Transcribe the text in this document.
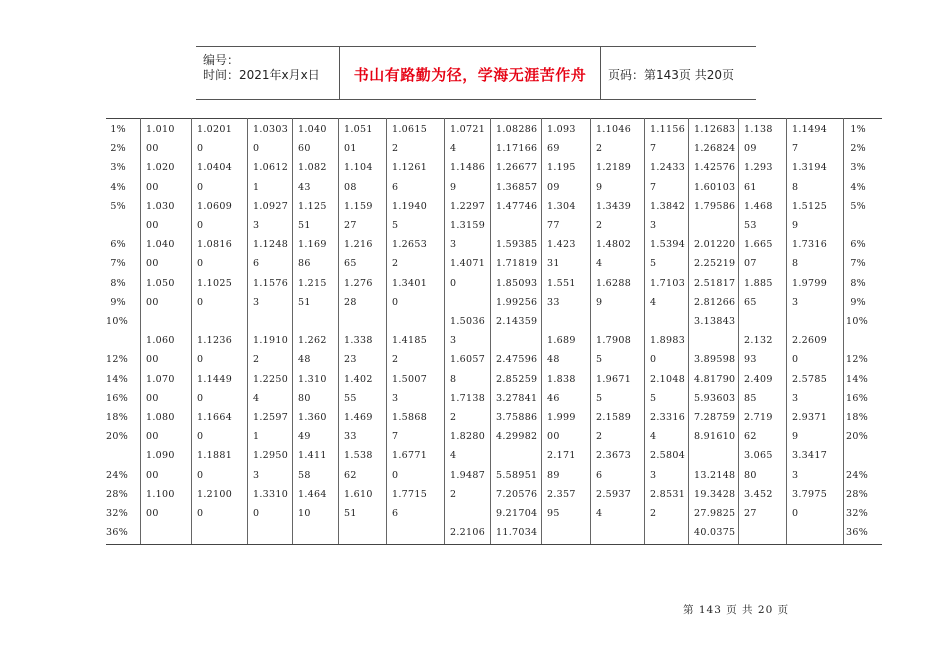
编号：
时间：2021年x月x日	书山有路勤为径，学海无涯苦作舟	页码：第143页 共20页
1%
2%
3%
4%
5%
6%
7%
8%
9%
10%
12%
14%
16%
18%
20%
24%
28%
32%
36%
1%
2%
3%
4%
5%
6%
7%
8%
9%
10%
12%
14%
16%
18%
20%
24%
28%
32%
36%
1.010
00
1.020
00
1.030
00
1.040
00
1.050
00
1.060
00
1.070
00
1.080
00
1.090
00
1.100
00
1.0201
0
1.0404
0
1.0609
0
1.0816
0
1.1025
0
1.1236
0
1.1449
0
1.1664
0
1.1881
0
1.2100
0
1.0303
0
1.0612
1
1.0927
3
1.1248
6
1.1576
3
1.1910
2
1.2250
4
1.2597
1
1.2950
3
1.3310
0
1.040
60
1.082
43
1.125
51
1.169
86
1.215
51
1.262
48
1.310
80
1.360
49
1.411
58
1.464
10
1.051
01
1.104
08
1.159
27
1.216
65
1.276
28
1.338
23
1.402
55
1.469
33
1.538
62
1.610
51
1.0615
2
1.1261
6
1.1940
5
1.2653
2
1.3401
0
1.4185
2
1.5007
3
1.5868
7
1.6771
0
1.7715
6
1.0721
4
1.1486
9
1.2297
1.3159
3
1.4071
0
1.5036
3
1.6057
8
1.7138
2
1.8280
4
1.9487
2
2.2106
1.08286
1.17166
1.26677
1.36857
1.47746
1.59385
1.71819
1.85093
1.99256
2.14359
2.47596
2.85259
3.27841
3.75886
4.29982
5.58951
7.20576
9.21704
11.7034
1.093
69
1.195
09
1.304
77
1.423
31
1.551
33
1.689
48
1.838
46
1.999
00
2.171
89
2.357
95
1.1046
2
1.2189
9
1.3439
2
1.4802
4
1.6288
9
1.7908
5
1.9671
5
2.1589
2
2.3673
6
2.5937
4
1.1156
7
1.2433
7
1.3842
3
1.5394
5
1.7103
4
1.8983
0
2.1048
5
2.3316
4
2.5804
3
2.8531
2
1.12683
1.26824
1.42576
1.60103
1.79586
2.01220
2.25219
2.51817
2.81266
3.13843
3.89598
4.81790
5.93603
7.28759
8.91610
13.2148
19.3428
27.9825
40.0375
1.138
09
1.293
61
1.468
53
1.665
07
1.885
65
2.132
93
2.409
85
2.719
62
3.065
80
3.452
27
1.1494
7
1.3194
8
1.5125
9
1.7316
8
1.9799
3
2.2609
0
2.5785
3
2.9371
9
3.3417
3
3.7975
0
第 143 页 共 20 页
